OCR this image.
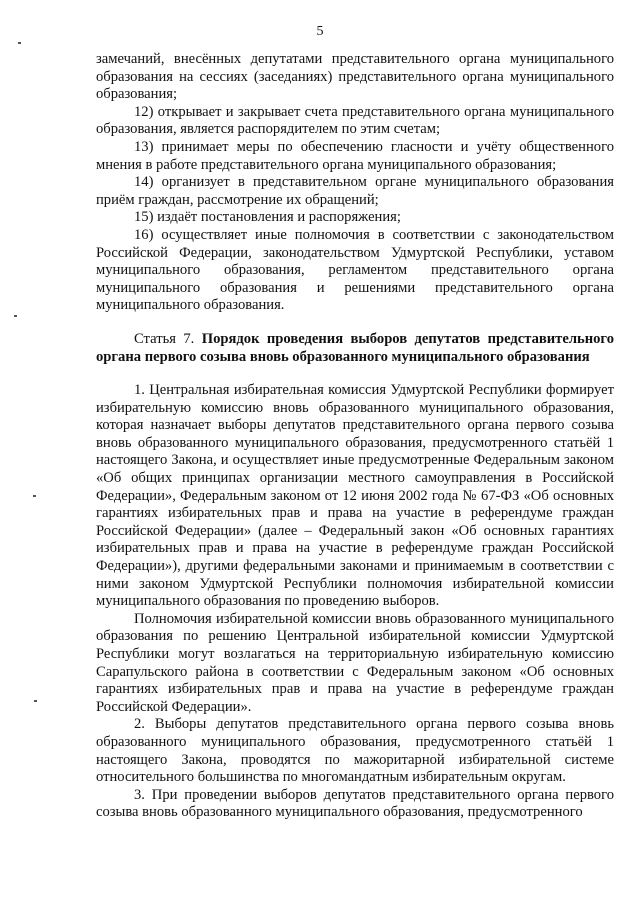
5

замечаний, внесённых депутатами представительного органа муниципального образования на сессиях (заседаниях) представительного органа муниципального образования;

12) открывает и закрывает счета представительного органа муниципального образования, является распорядителем по этим счетам;

13) принимает меры по обеспечению гласности и учёту общественного мнения в работе представительного органа муниципального образования;

14) организует в представительном органе муниципального образования приём граждан, рассмотрение их обращений;

15) издаёт постановления и распоряжения;

16) осуществляет иные полномочия в соответствии с законодательством Российской Федерации, законодательством Удмуртской Республики, уставом муниципального образования, регламентом представительного органа муниципального образования и решениями представительного органа муниципального образования.

Статья 7. Порядок проведения выборов депутатов представительного органа первого созыва вновь образованного муниципального образования

1. Центральная избирательная комиссия Удмуртской Республики формирует избирательную комиссию вновь образованного муниципального образования, которая назначает выборы депутатов представительного органа первого созыва вновь образованного муниципального образования, предусмотренного статьёй 1 настоящего Закона, и осуществляет иные предусмотренные Федеральным законом «Об общих принципах организации местного самоуправления в Российской Федерации», Федеральным законом от 12 июня 2002 года № 67-ФЗ «Об основных гарантиях избирательных прав и права на участие в референдуме граждан Российской Федерации» (далее – Федеральный закон «Об основных гарантиях избирательных прав и права на участие в референдуме граждан Российской Федерации»), другими федеральными законами и принимаемым в соответствии с ними законом Удмуртской Республики полномочия избирательной комиссии муниципального образования по проведению выборов.

Полномочия избирательной комиссии вновь образованного муниципального образования по решению Центральной избирательной комиссии Удмуртской Республики могут возлагаться на территориальную избирательную комиссию Сарапульского района в соответствии с Федеральным законом «Об основных гарантиях избирательных прав и права на участие в референдуме граждан Российской Федерации».

2. Выборы депутатов представительного органа первого созыва вновь образованного муниципального образования, предусмотренного статьёй 1 настоящего Закона, проводятся по мажоритарной избирательной системе относительного большинства по многомандатным избирательным округам.

3. При проведении выборов депутатов представительного органа первого созыва вновь образованного муниципального образования, предусмотренного
